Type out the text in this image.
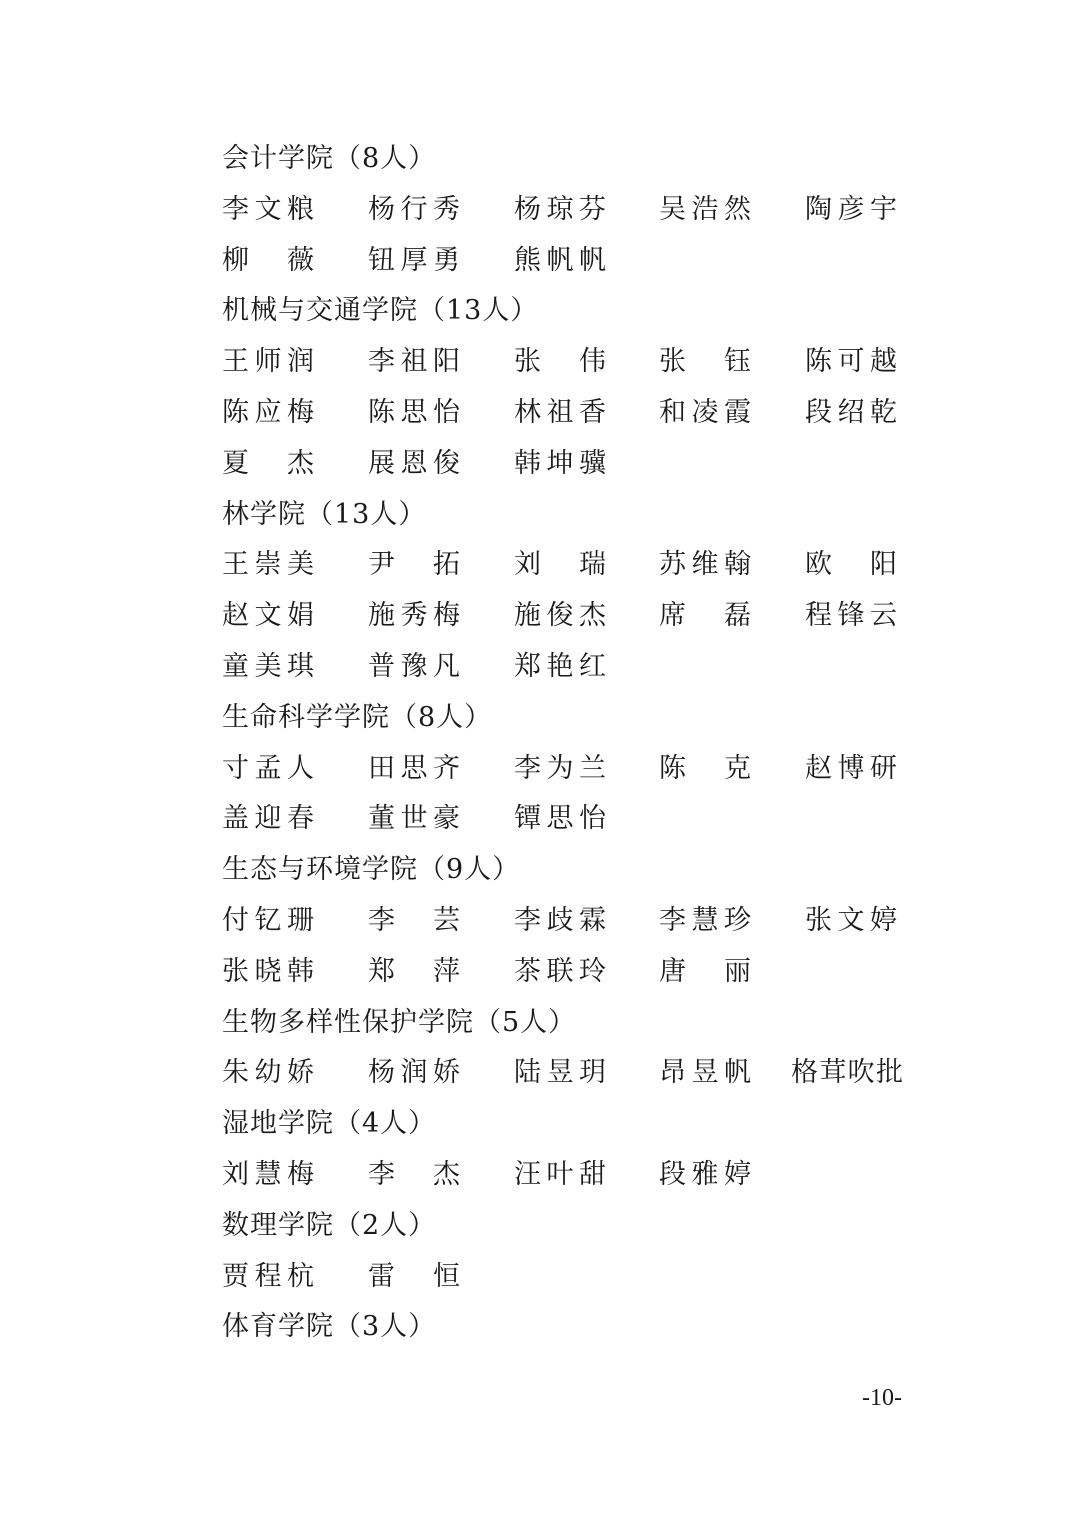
会计学院（8人）
李文粮 杨行秀 杨琼芬 吴浩然 陶彦宇
柳　薇 钮厚勇 熊帆帆
机械与交通学院（13人）
王师润 李祖阳 张　伟 张　钰 陈可越
陈应梅 陈思怡 林祖香 和凌霞 段绍乾
夏　杰 展恩俊 韩坤骥
林学院（13人）
王崇美 尹　拓 刘　瑞 苏维翰 欧　阳
赵文娟 施秀梅 施俊杰 席　磊 程锋云
童美琪 普豫凡 郑艳红
生命科学学院（8人）
寸孟人 田思齐 李为兰 陈　克 赵博研
盖迎春 董世豪 镡思怡
生态与环境学院（9人）
付钇珊 李　芸 李歧霖 李慧珍 张文婷
张晓韩 郑　萍 茶联玲 唐　丽
生物多样性保护学院（5人）
朱幼娇 杨润娇 陆昱玥 昂昱帆 格茸吹批
湿地学院（4人）
刘慧梅 李　杰 汪叶甜 段雅婷
数理学院（2人）
贾程杭 雷　恒
体育学院（3人）
-10-
